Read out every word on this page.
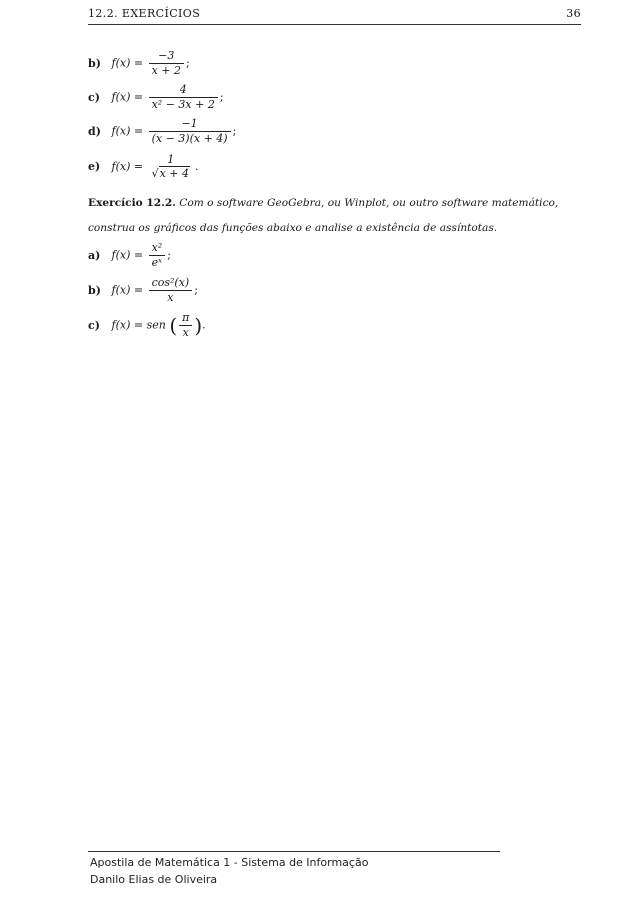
12.2. EXERCÍCIOS	36
b) $f(x) = \frac{-3}{x + 2}$ ;
c) $f(x) = \frac{4}{\text{x² − 3x + 2}}$ ;
d) $f(x) = \frac{-1}{(x - 3)(x + 4)}$ ;
e) f(x) =
1
√x + 4
.
Exercício 12.2. Com o software GeoGebra, ou Winplot, ou outro software matemático, construa os gráficos das funções abaixo e analise a existência de assíntotas.
a) $f(x) = \frac{\text{x²}}{\text{eˣ}}$ ;
b) $f(x) = \frac{\text{cos²(x)}}{x}$ ;
c) f(x) = sen ( $\frac{\pi}{x}$ ).
Apostila de Matemática 1 - Sistema de Informação
Danilo Elias de Oliveira
